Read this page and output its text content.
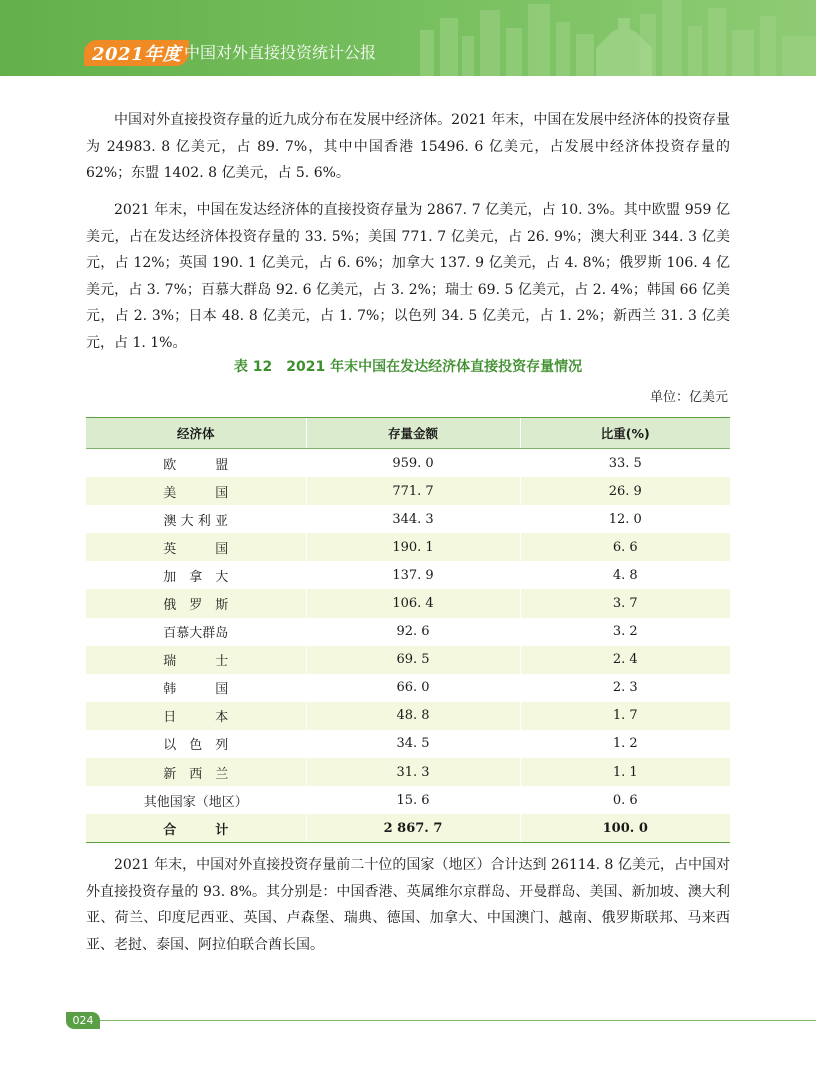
2021年度 中国对外直接投资统计公报

中国对外直接投资存量的近九成分布在发展中经济体。2021 年末，中国在发展中经济体的投资存量为 24983. 8 亿美元，占 89. 7%，其中中国香港 15496. 6 亿美元，占发展中经济体投资存量的 62%；东盟 1402. 8 亿美元，占 5. 6%。

2021 年末，中国在发达经济体的直接投资存量为 2867. 7 亿美元，占 10. 3%。其中欧盟 959 亿美元，占在发达经济体投资存量的 33. 5%；美国 771. 7 亿美元，占 26. 9%；澳大利亚 344. 3 亿美元，占 12%；英国 190. 1 亿美元，占 6. 6%；加拿大 137. 9 亿美元，占 4. 8%；俄罗斯 106. 4 亿美元，占 3. 7%；百慕大群岛 92. 6 亿美元，占 3. 2%；瑞士 69. 5 亿美元，占 2. 4%；韩国 66 亿美元，占 2. 3%；日本 48. 8 亿美元，占 1. 7%；以色列 34. 5 亿美元，占 1. 2%；新西兰 31. 3 亿美元，占 1. 1%。

表 12　2021 年末中国在发达经济体直接投资存量情况
单位：亿美元
经济体	存量金额	比重(%)
欧　　　盟	959. 0	33. 5
美　　　国	771. 7	26. 9
澳 大 利 亚	344. 3	12. 0
英　　　国	190. 1	6. 6
加　拿　大	137. 9	4. 8
俄　罗　斯	106. 4	3. 7
百慕大群岛	92. 6	3. 2
瑞　　　士	69. 5	2. 4
韩　　　国	66. 0	2. 3
日　　　本	48. 8	1. 7
以　色　列	34. 5	1. 2
新　西　兰	31. 3	1. 1
其他国家（地区）	15. 6	0. 6
合　　　计	2 867. 7	100. 0

2021 年末，中国对外直接投资存量前二十位的国家（地区）合计达到 26114. 8 亿美元，占中国对外直接投资存量的 93. 8%。其分别是：中国香港、英属维尔京群岛、开曼群岛、美国、新加坡、澳大利亚、荷兰、印度尼西亚、英国、卢森堡、瑞典、德国、加拿大、中国澳门、越南、俄罗斯联邦、马来西亚、老挝、泰国、阿拉伯联合酋长国。

024
